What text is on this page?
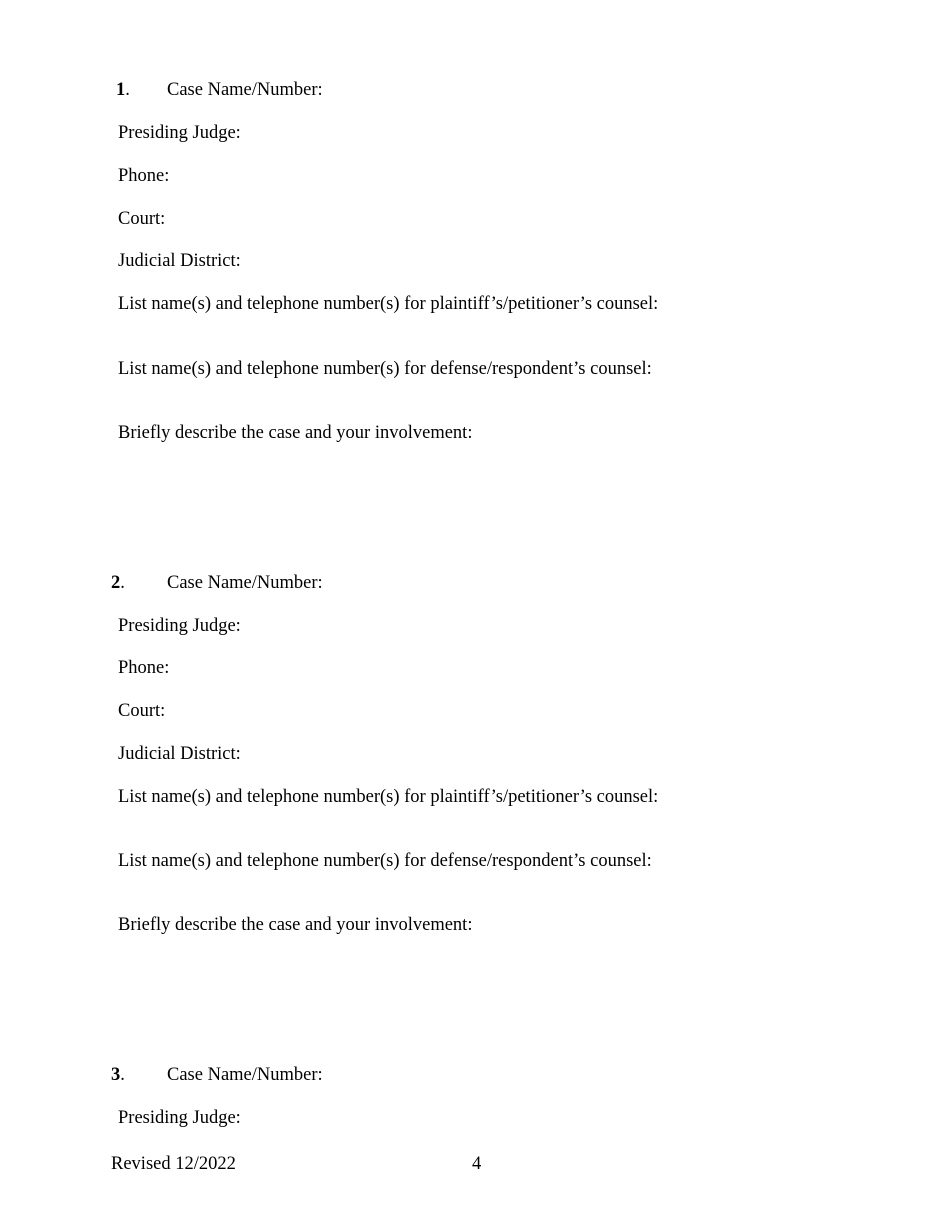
1. Case Name/Number:
Presiding Judge:
Phone:
Court:
Judicial District:
List name(s) and telephone number(s) for plaintiff’s/petitioner’s counsel:
List name(s) and telephone number(s) for defense/respondent’s counsel:
Briefly describe the case and your involvement:
2. Case Name/Number:
Presiding Judge:
Phone:
Court:
Judicial District:
List name(s) and telephone number(s) for plaintiff’s/petitioner’s counsel:
List name(s) and telephone number(s) for defense/respondent’s counsel:
Briefly describe the case and your involvement:
3. Case Name/Number:
Presiding Judge:
Revised 12/2022	4
